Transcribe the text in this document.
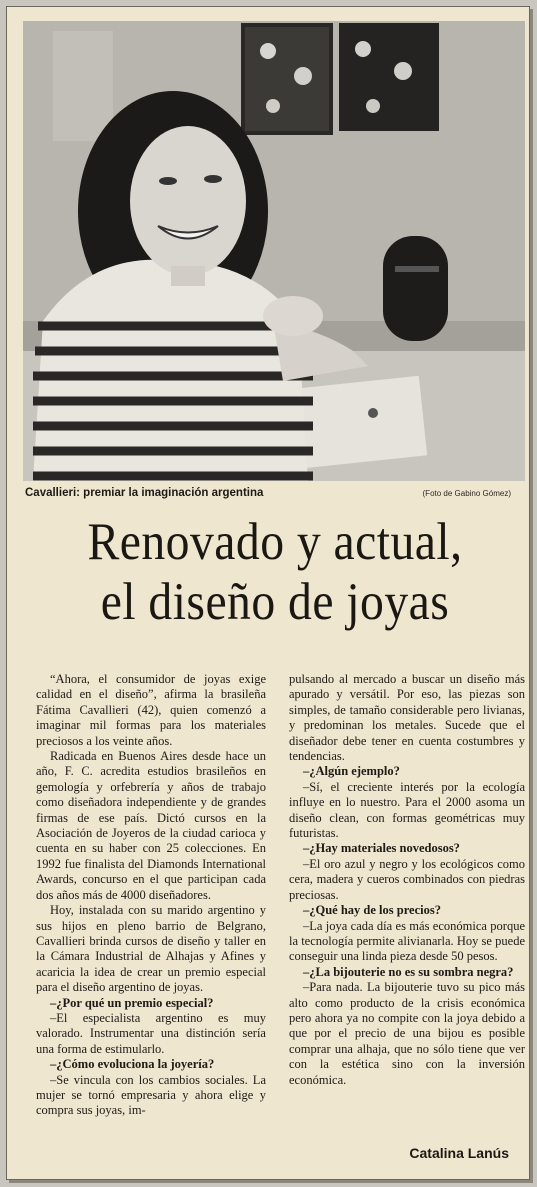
Cavallieri: premiar la imaginación argentina	(Foto de Gabino Gómez)
Renovado y actual,
el diseño de joyas

“Ahora, el consumidor de joyas exige calidad en el diseño”, afirma la brasileña Fátima Cavallieri (42), quien comenzó a imaginar mil formas para los materiales preciosos a los veinte años.

Radicada en Buenos Aires desde hace un año, F. C. acredita estudios brasileños en gemología y orfebrería y años de trabajo como diseñadora independiente y de grandes firmas de ese país. Dictó cursos en la Asociación de Joyeros de la ciudad carioca y cuenta en su haber con 25 colecciones. En 1992 fue finalista del Diamonds International Awards, concurso en el que participan cada dos años más de 4000 diseñadores.

Hoy, instalada con su marido argentino y sus hijos en pleno barrio de Belgrano, Cavallieri brinda cursos de diseño y taller en la Cámara Industrial de Alhajas y Afines y acaricia la idea de crear un premio especial para el diseño argentino de joyas.

–¿Por qué un premio especial?

–El especialista argentino es muy valorado. Instrumentar una distinción sería una forma de estimularlo.

–¿Cómo evoluciona la joyería?

–Se vincula con los cambios sociales. La mujer se tornó empresaria y ahora elige y compra sus joyas, im-

pulsando al mercado a buscar un diseño más apurado y versátil. Por eso, las piezas son simples, de tamaño considerable pero livianas, y predominan los metales. Sucede que el diseñador debe tener en cuenta costumbres y tendencias.

–¿Algún ejemplo?

–Sí, el creciente interés por la ecología influye en lo nuestro. Para el 2000 asoma un diseño clean, con formas geométricas muy futuristas.

–¿Hay materiales novedosos?

–El oro azul y negro y los ecológicos como cera, madera y cueros combinados con piedras preciosas.

–¿Qué hay de los precios?

–La joya cada día es más económica porque la tecnología permite alivianarla. Hoy se puede conseguir una linda pieza desde 50 pesos.

–¿La bijouterie no es su sombra negra?

–Para nada. La bijouterie tuvo su pico más alto como producto de la crisis económica pero ahora ya no compite con la joya debido a que por el precio de una bijou es posible comprar una alhaja, que no sólo tiene que ver con la estética sino con la inversión económica.

Catalina Lanús
